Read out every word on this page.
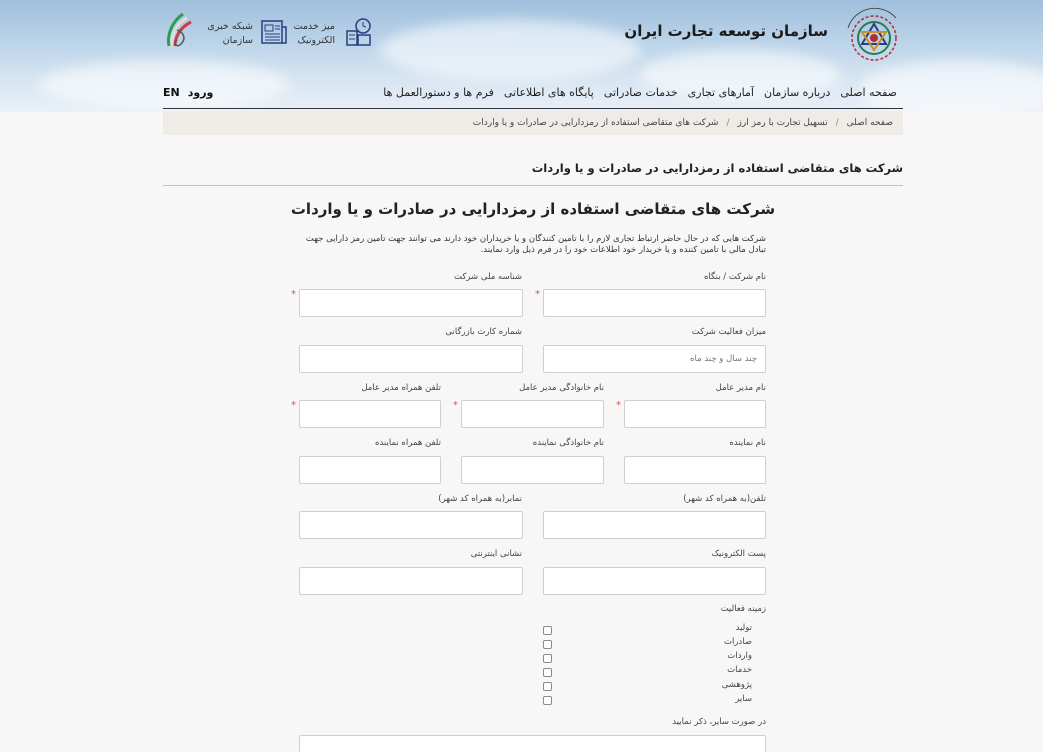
سازمان توسعه تجارت ایران
میز خدمت الکترونیک
شبکه خبری سازمان
صفحه اصلی
درباره سازمان
آمارهای تجاری
خدمات صادراتی
پایگاه های اطلاعاتی
فرم ها و دستورالعمل ها
EN ورود
صفحه اصلی
/
تسهیل تجارت با رمز ارز
/
شرکت های متقاضی استفاده از رمزدارایی در صادرات و یا واردات
شرکت های متقاضی استفاده از رمزدارایی در صادرات و یا واردات
شرکت های متقاضی استفاده از رمزدارایی در صادرات و یا واردات
شرکت هایی که در حال حاضر ارتباط تجاری لازم را با تامین کنندگان و یا خریداران خود دارند می توانند جهت تامین رمز دارایی جهت تبادل مالی با تامین کننده و یا خریدار خود اطلاعات خود را در فرم ذیل وارد نمایند.
نام شرکت / بنگاه
*
شناسه ملی شرکت
*
میزان فعالیت شرکت
چند سال و چند ماه
شماره کارت بازرگانی
نام مدیر عامل
*
نام خانوادگی مدیر عامل
*
تلفن همراه مدیر عامل
*
نام نماینده
نام خانوادگی نماینده
تلفن همراه نماینده
تلفن(به همراه کد شهر)
نمابر(به همراه کد شهر)
پست الکترونیک
نشانی اینترنتی
زمینه فعالیت
تولید
صادرات
واردات
خدمات
پژوهشی
سایر
در صورت سایر، ذکر نمایید
